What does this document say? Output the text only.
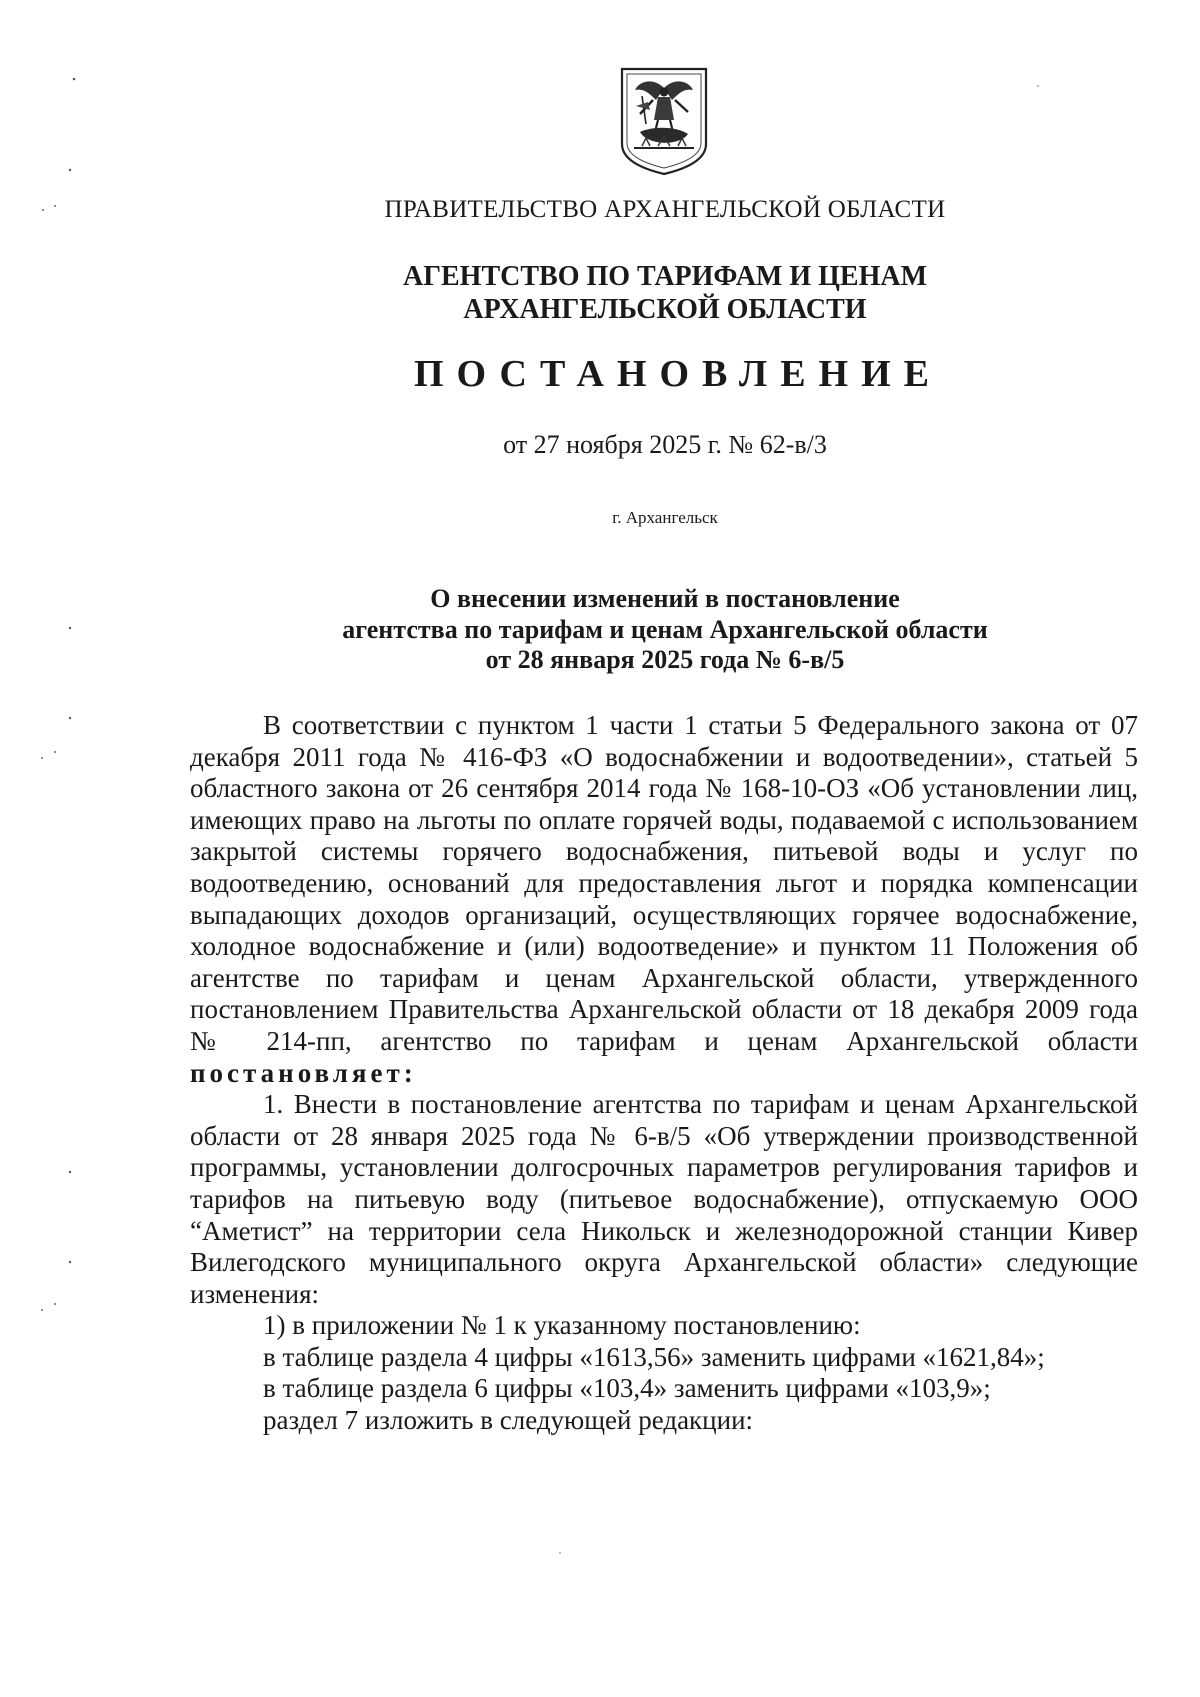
ПРАВИТЕЛЬСТВО АРХАНГЕЛЬСКОЙ ОБЛАСТИ
АГЕНТСТВО ПО ТАРИФАМ И ЦЕНАМ
АРХАНГЕЛЬСКОЙ ОБЛАСТИ
ПОСТАНОВЛЕНИЕ
от 27 ноября 2025 г. № 62-в/3
г. Архангельск
О внесении изменений в постановление
агентства по тарифам и ценам Архангельской области
от 28 января 2025 года № 6-в/5

В соответствии с пунктом 1 части 1 статьи 5 Федерального закона от 07 декабря 2011 года № 416-ФЗ «О водоснабжении и водоотведении», статьей 5 областного закона от 26 сентября 2014 года № 168-10-ОЗ «Об установлении лиц, имеющих право на льготы по оплате горячей воды, подаваемой с использованием закрытой системы горячего водоснабжения, питьевой воды и услуг по водоотведению, оснований для предоставления льгот и порядка компенсации выпадающих доходов организаций, осуществляющих горячее водоснабжение, холодное водоснабжение и (или) водоотведение» и пунктом 11 Положения об агентстве по тарифам и ценам Архангельской области, утвержденного постановлением Правительства Архангельской области от 18 декабря 2009 года № 214-пп, агентство по тарифам и ценам Архангельской области постановляет:

1. Внести в постановление агентства по тарифам и ценам Архангельской области от 28 января 2025 года № 6-в/5 «Об утверждении производственной программы, установлении долгосрочных параметров регулирования тарифов и тарифов на питьевую воду (питьевое водоснабжение), отпускаемую ООО “Аметист” на территории села Никольск и железнодорожной станции Кивер Вилегодского муниципального округа Архангельской области» следующие изменения:

1) в приложении № 1 к указанному постановлению:

в таблице раздела 4 цифры «1613,56» заменить цифрами «1621,84»;

в таблице раздела 6 цифры «103,4» заменить цифрами «103,9»;

раздел 7 изложить в следующей редакции:
